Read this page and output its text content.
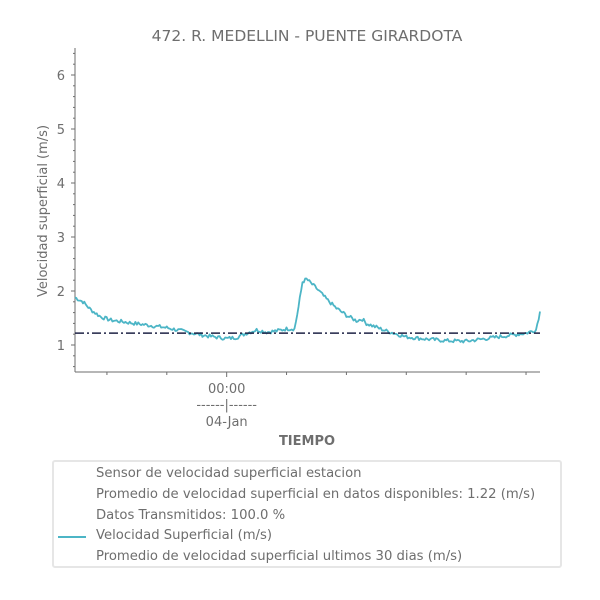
472. R. MEDELLIN - PUENTE GIRARDOTA
1
2
3
4
5
6
00:00
------|------
04-Jan
Velocidad superficial (m/s)
TIEMPO
Sensor de velocidad superficial estacion
Promedio de velocidad superficial en datos disponibles: 1.22 (m/s)
Datos Transmitidos: 100.0 %
Velocidad Superficial (m/s)
Promedio de velocidad superficial ultimos 30 dias (m/s)
